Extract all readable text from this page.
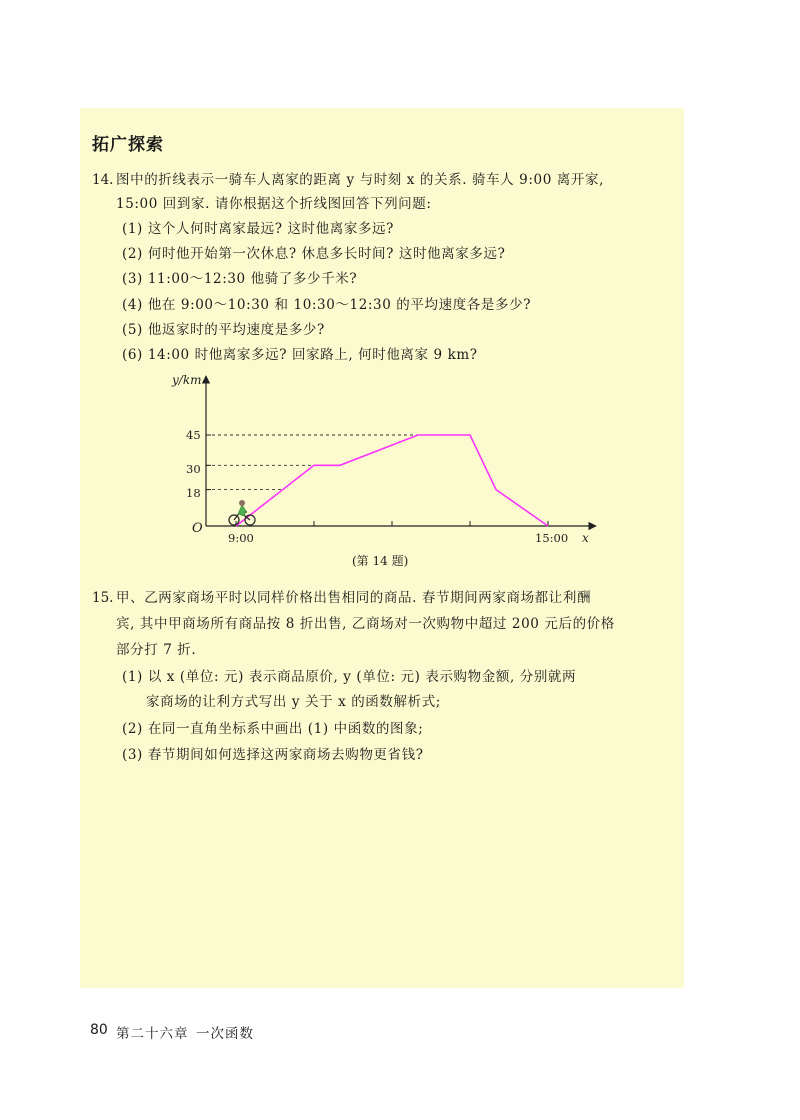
拓广探索
14. 图中的折线表示一骑车人离家的距离 y 与时刻 x 的关系. 骑车人 9:00 离开家,
15:00 回到家. 请你根据这个折线图回答下列问题:
(1) 这个人何时离家最远? 这时他离家多远?
(2) 何时他开始第一次休息? 休息多长时间? 这时他离家多远?
(3) 11:00～12:30 他骑了多少千米?
(4) 他在 9:00～10:30 和 10:30～12:30 的平均速度各是多少?
(5) 他返家时的平均速度是多少?
(6) 14:00 时他离家多远? 回家路上, 何时他离家 9 km?
y/km
O
x
9:00	15:00
18
30
45
(第 14 题)
15. 甲、乙两家商场平时以同样价格出售相同的商品. 春节期间两家商场都让利酬
宾, 其中甲商场所有商品按 8 折出售, 乙商场对一次购物中超过 200 元后的价格
部分打 7 折.
(1) 以 x (单位: 元) 表示商品原价, y (单位: 元) 表示购物金额, 分别就两
家商场的让利方式写出 y 关于 x 的函数解析式;
(2) 在同一直角坐标系中画出 (1) 中函数的图象;
(3) 春节期间如何选择这两家商场去购物更省钱?
80 第二十六章 一次函数
